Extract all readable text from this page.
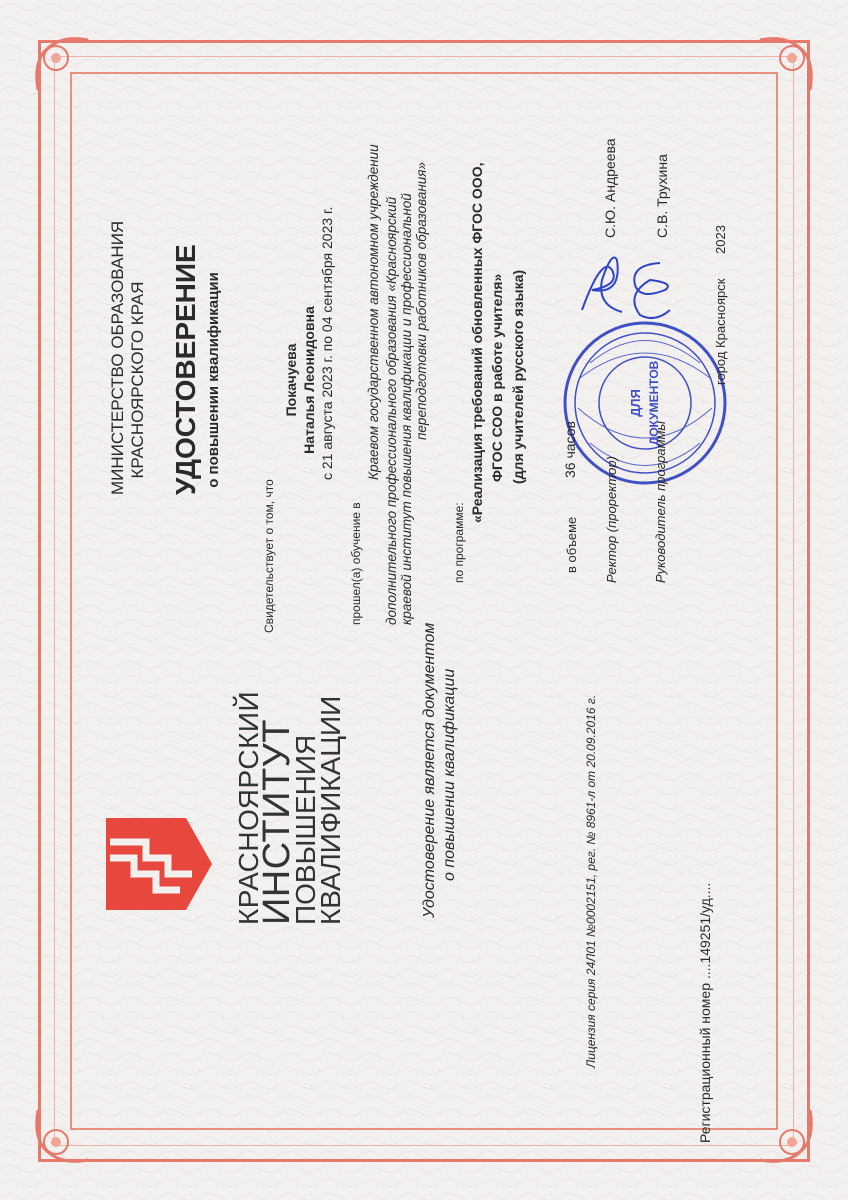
ДЛЯ ДОКУМЕНТОВ
КРАСНОЯРСКИЙ
ИНСТИТУТ
ПОВЫШЕНИЯ
КВАЛИФИКАЦИИ	Удостоверение является документом о повышении квалификации	Лицензия серия 24Л01 №0002151, рег. № 8961-л от 20.09.2016 г.	Регистрационный номер ....149251/уд....
МИНИСТЕРСТВО ОБРАЗОВАНИЯ КРАСНОЯРСКОГО КРАЯ УДОСТОВЕРЕНИЕ о повышении квалификации
Свидетельствует о том, что
Покачуева Наталья Леонидовна с 21 августа 2023 г. по 04 сентября 2023 г.
прошел(а) обучение в
Краевом государственном автономном учреждении дополнительного профессионального образования «Красноярский краевой институт повышения квалификации и профессиональной переподготовки работников образования»
по программе:
«Реализация требований обновленных ФГОС ООО, ФГОС СОО в работе учителя» (для учителей русского языка)
в объеме
36 часов
Ректор (проректор)
С.Ю. Андреева
Руководитель программы
С.В. Трухина
город Красноярск
2023
